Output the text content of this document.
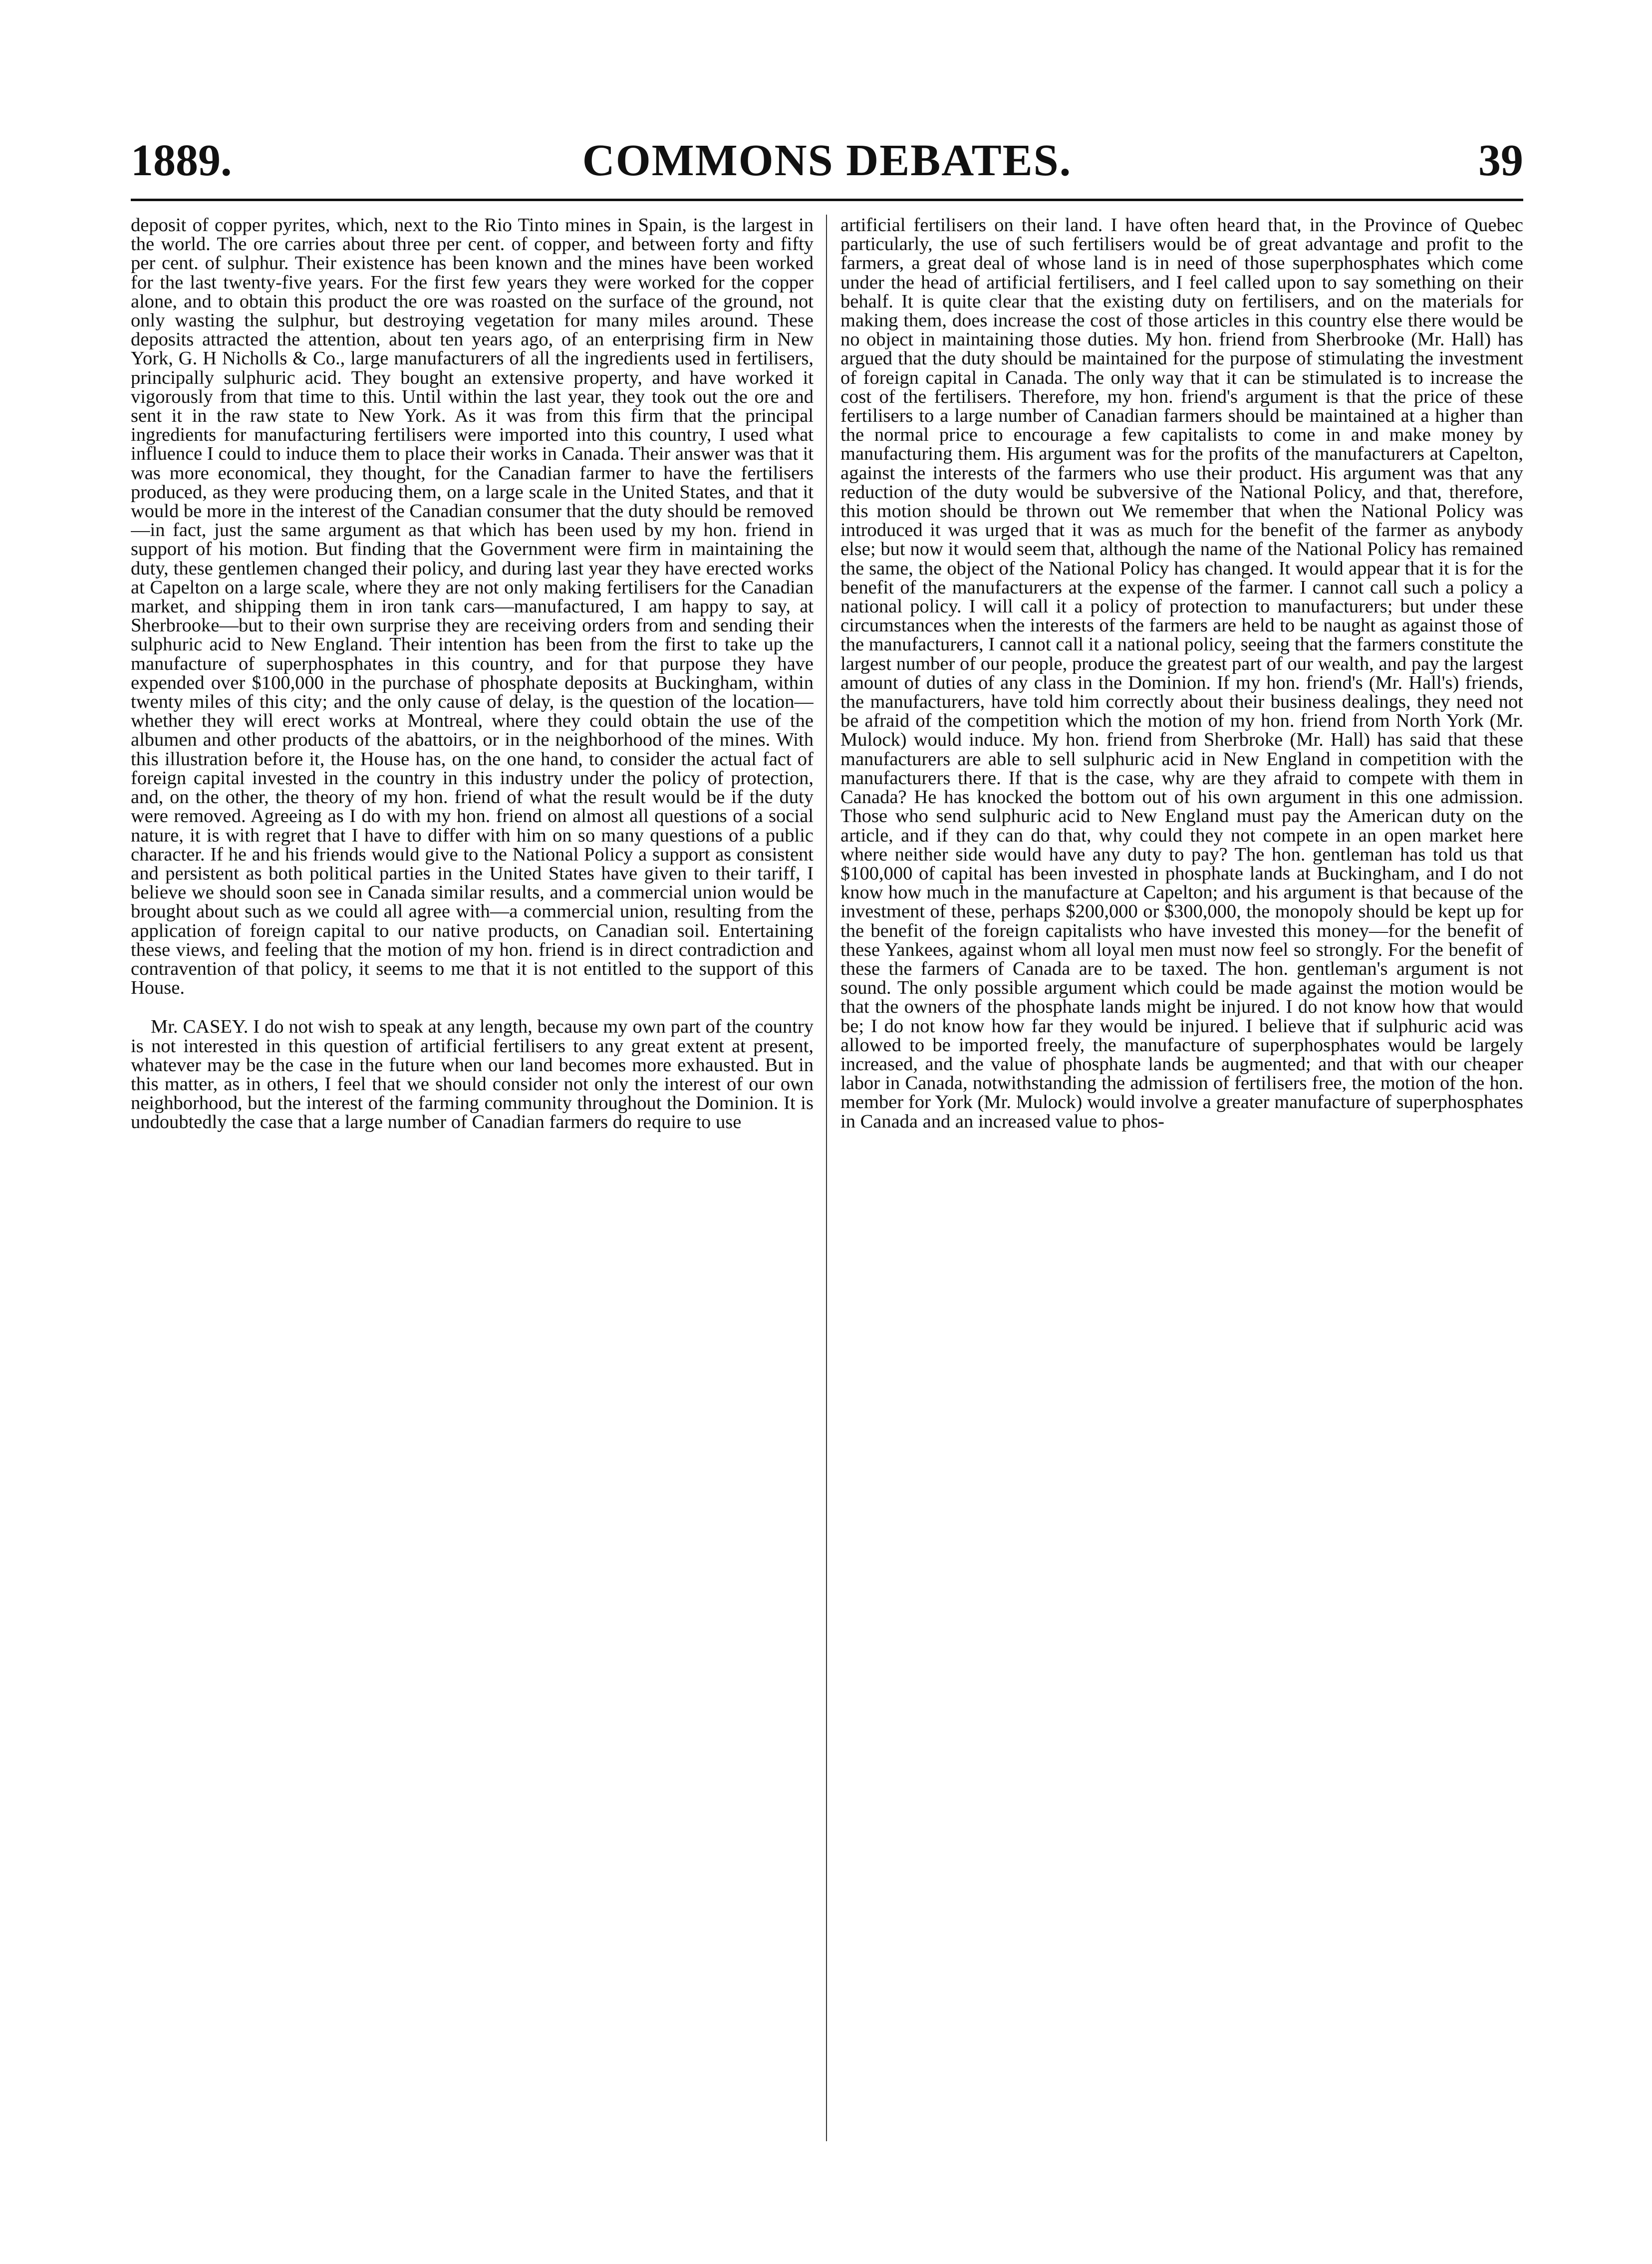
COMMONS DEBATES.
1889.	39

deposit of copper pyrites, which, next to the Rio Tinto mines in Spain, is the largest in the world. The ore carries about three per cent. of copper, and between forty and fifty per cent. of sulphur. Their existence has been known and the mines have been worked for the last twenty-five years. For the first few years they were worked for the copper alone, and to obtain this product the ore was roasted on the surface of the ground, not only wasting the sulphur, but destroying vegetation for many miles around. These deposits attracted the attention, about ten years ago, of an enterprising firm in New York, G. H Nicholls & Co., large manufacturers of all the ingredients used in fertilisers, principally sulphuric acid. They bought an extensive property, and have worked it vigorously from that time to this. Until within the last year, they took out the ore and sent it in the raw state to New York. As it was from this firm that the principal ingredients for manufacturing fertilisers were imported into this country, I used what influence I could to induce them to place their works in Canada. Their answer was that it was more economical, they thought, for the Canadian farmer to have the fertilisers produced, as they were producing them, on a large scale in the United States, and that it would be more in the interest of the Canadian consumer that the duty should be removed—in fact, just the same argument as that which has been used by my hon. friend in support of his motion. But finding that the Government were firm in maintaining the duty, these gentlemen changed their policy, and during last year they have erected works at Capelton on a large scale, where they are not only making fertilisers for the Canadian market, and shipping them in iron tank cars—manufactured, I am happy to say, at Sherbrooke—but to their own surprise they are receiving orders from and sending their sulphuric acid to New England. Their intention has been from the first to take up the manufacture of superphosphates in this country, and for that purpose they have expended over $100,000 in the purchase of phosphate deposits at Buckingham, within twenty miles of this city; and the only cause of delay, is the question of the location—whether they will erect works at Montreal, where they could obtain the use of the albumen and other products of the abattoirs, or in the neighborhood of the mines. With this illustration before it, the House has, on the one hand, to consider the actual fact of foreign capital invested in the country in this industry under the policy of protection, and, on the other, the theory of my hon. friend of what the result would be if the duty were removed. Agreeing as I do with my hon. friend on almost all questions of a social nature, it is with regret that I have to differ with him on so many questions of a public character. If he and his friends would give to the National Policy a support as consistent and persistent as both political parties in the United States have given to their tariff, I believe we should soon see in Canada similar results, and a commercial union would be brought about such as we could all agree with—a commercial union, resulting from the application of foreign capital to our native products, on Canadian soil. Entertaining these views, and feeling that the motion of my hon. friend is in direct contradiction and contravention of that policy, it seems to me that it is not entitled to the support of this House.

Mr. CASEY. I do not wish to speak at any length, because my own part of the country is not interested in this question of artificial fertilisers to any great extent at present, whatever may be the case in the future when our land becomes more exhausted. But in this matter, as in others, I feel that we should consider not only the interest of our own neighborhood, but the interest of the farming community throughout the Dominion. It is undoubtedly the case that a large number of Canadian farmers do require to use

artificial fertilisers on their land. I have often heard that, in the Province of Quebec particularly, the use of such fertilisers would be of great advantage and profit to the farmers, a great deal of whose land is in need of those superphosphates which come under the head of artificial fertilisers, and I feel called upon to say something on their behalf. It is quite clear that the existing duty on fertilisers, and on the materials for making them, does increase the cost of those articles in this country else there would be no object in maintaining those duties. My hon. friend from Sherbrooke (Mr. Hall) has argued that the duty should be maintained for the purpose of stimulating the investment of foreign capital in Canada. The only way that it can be stimulated is to increase the cost of the fertilisers. Therefore, my hon. friend's argument is that the price of these fertilisers to a large number of Canadian farmers should be maintained at a higher than the normal price to encourage a few capitalists to come in and make money by manufacturing them. His argument was for the profits of the manufacturers at Capelton, against the interests of the farmers who use their product. His argument was that any reduction of the duty would be subversive of the National Policy, and that, therefore, this motion should be thrown out We remember that when the National Policy was introduced it was urged that it was as much for the benefit of the farmer as anybody else; but now it would seem that, although the name of the National Policy has remained the same, the object of the National Policy has changed. It would appear that it is for the benefit of the manufacturers at the expense of the farmer. I cannot call such a policy a national policy. I will call it a policy of protection to manufacturers; but under these circumstances when the interests of the farmers are held to be naught as against those of the manufacturers, I cannot call it a national policy, seeing that the farmers constitute the largest number of our people, produce the greatest part of our wealth, and pay the largest amount of duties of any class in the Dominion. If my hon. friend's (Mr. Hall's) friends, the manufacturers, have told him correctly about their business dealings, they need not be afraid of the competition which the motion of my hon. friend from North York (Mr. Mulock) would induce. My hon. friend from Sherbroke (Mr. Hall) has said that these manufacturers are able to sell sulphuric acid in New England in competition with the manufacturers there. If that is the case, why are they afraid to compete with them in Canada? He has knocked the bottom out of his own argument in this one admission. Those who send sulphuric acid to New England must pay the American duty on the article, and if they can do that, why could they not compete in an open market here where neither side would have any duty to pay? The hon. gentleman has told us that $100,000 of capital has been invested in phosphate lands at Buckingham, and I do not know how much in the manufacture at Capelton; and his argument is that because of the investment of these, perhaps $200,000 or $300,000, the monopoly should be kept up for the benefit of the foreign capitalists who have invested this money—for the benefit of these Yankees, against whom all loyal men must now feel so strongly. For the benefit of these the farmers of Canada are to be taxed. The hon. gentleman's argument is not sound. The only possible argument which could be made against the motion would be that the owners of the phosphate lands might be injured. I do not know how that would be; I do not know how far they would be injured. I believe that if sulphuric acid was allowed to be imported freely, the manufacture of superphosphates would be largely increased, and the value of phosphate lands be augmented; and that with our cheaper labor in Canada, notwithstanding the admission of fertilisers free, the motion of the hon. member for York (Mr. Mulock) would involve a greater manufacture of superphosphates in Canada and an increased value to phos-
